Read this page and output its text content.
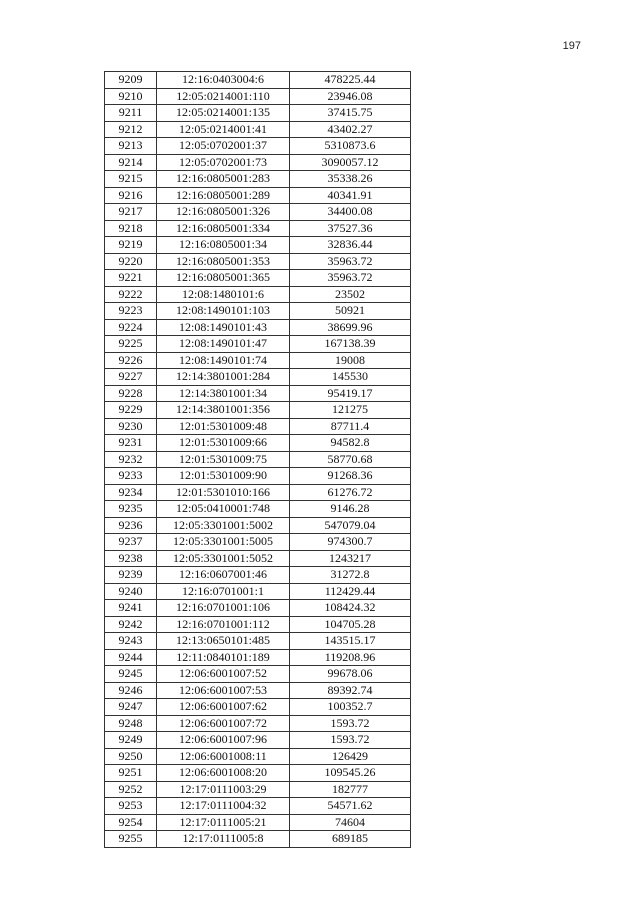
197
9209	12:16:0403004:6	478225.44
9210	12:05:0214001:110	23946.08
9211	12:05:0214001:135	37415.75
9212	12:05:0214001:41	43402.27
9213	12:05:0702001:37	5310873.6
9214	12:05:0702001:73	3090057.12
9215	12:16:0805001:283	35338.26
9216	12:16:0805001:289	40341.91
9217	12:16:0805001:326	34400.08
9218	12:16:0805001:334	37527.36
9219	12:16:0805001:34	32836.44
9220	12:16:0805001:353	35963.72
9221	12:16:0805001:365	35963.72
9222	12:08:1480101:6	23502
9223	12:08:1490101:103	50921
9224	12:08:1490101:43	38699.96
9225	12:08:1490101:47	167138.39
9226	12:08:1490101:74	19008
9227	12:14:3801001:284	145530
9228	12:14:3801001:34	95419.17
9229	12:14:3801001:356	121275
9230	12:01:5301009:48	87711.4
9231	12:01:5301009:66	94582.8
9232	12:01:5301009:75	58770.68
9233	12:01:5301009:90	91268.36
9234	12:01:5301010:166	61276.72
9235	12:05:0410001:748	9146.28
9236	12:05:3301001:5002	547079.04
9237	12:05:3301001:5005	974300.7
9238	12:05:3301001:5052	1243217
9239	12:16:0607001:46	31272.8
9240	12:16:0701001:1	112429.44
9241	12:16:0701001:106	108424.32
9242	12:16:0701001:112	104705.28
9243	12:13:0650101:485	143515.17
9244	12:11:0840101:189	119208.96
9245	12:06:6001007:52	99678.06
9246	12:06:6001007:53	89392.74
9247	12:06:6001007:62	100352.7
9248	12:06:6001007:72	1593.72
9249	12:06:6001007:96	1593.72
9250	12:06:6001008:11	126429
9251	12:06:6001008:20	109545.26
9252	12:17:0111003:29	182777
9253	12:17:0111004:32	54571.62
9254	12:17:0111005:21	74604
9255	12:17:0111005:8	689185
